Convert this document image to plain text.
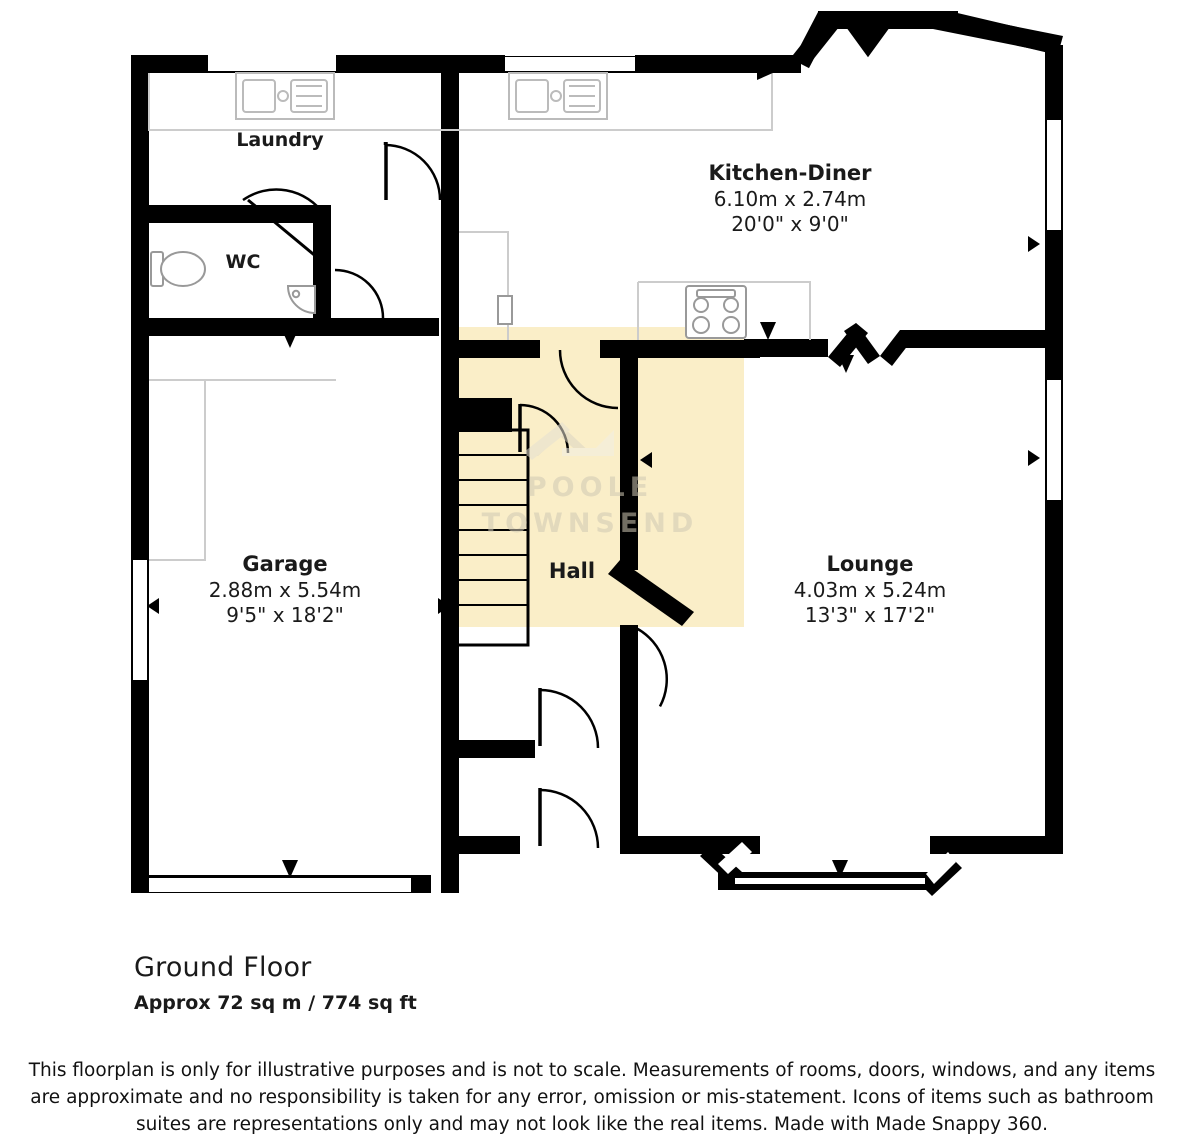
POOLE
TOWNSEND
Laundry
WC
Kitchen-Diner
6.10m x 2.74m
20'0" x 9'0"
Garage
2.88m x 5.54m
9'5" x 18'2"
Hall	Lounge
4.03m x 5.24m
13'3" x 17'2"
Ground Floor
Approx 72 sq m / 774 sq ft
This floorplan is only for illustrative purposes and is not to scale. Measurements of rooms, doors, windows, and any items are approximate and no responsibility is taken for any error, omission or mis-statement. Icons of items such as bathroom suites are representations only and may not look like the real items. Made with Made Snappy 360.
